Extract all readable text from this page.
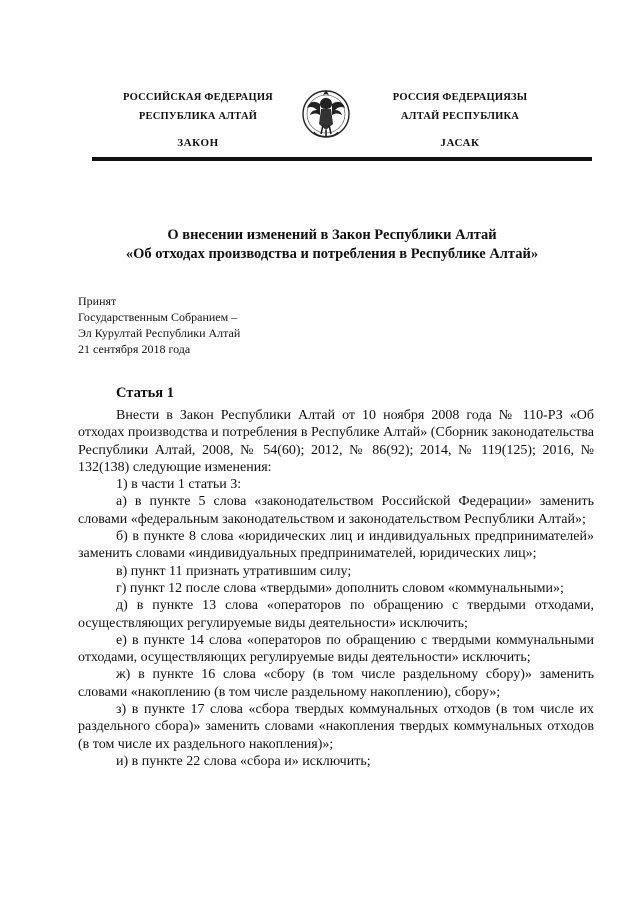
РОССИЙСКАЯ ФЕДЕРАЦИЯ
РЕСПУБЛИКА АЛТАЙ
ЗАКОН
РОССИЯ ФЕДЕРАЦИЯЗЫ
АЛТАЙ РЕСПУБЛИКА
JАСАК
О внесении изменений в Закон Республики Алтай
«Об отходах производства и потребления в Республике Алтай»
Принят
Государственным Собранием –
Эл Курултай Республики Алтай
21 сентября 2018 года
Статья 1

Внести в Закон Республики Алтай от 10 ноября 2008 года № 110-РЗ «Об отходах производства и потребления в Республике Алтай» (Сборник законодательства Республики Алтай, 2008, № 54(60); 2012, № 86(92); 2014, № 119(125); 2016, № 132(138) следующие изменения:

1) в части 1 статьи 3:

а) в пункте 5 слова «законодательством Российской Федерации» заменить словами «федеральным законодательством и законодательством Республики Алтай»;

б) в пункте 8 слова «юридических лиц и индивидуальных предпринимателей» заменить словами «индивидуальных предпринимателей, юридических лиц»;

в) пункт 11 признать утратившим силу;

г) пункт 12 после слова «твердыми» дополнить словом «коммунальными»;

д) в пункте 13 слова «операторов по обращению с твердыми отходами, осуществляющих регулируемые виды деятельности» исключить;

е) в пункте 14 слова «операторов по обращению с твердыми коммунальными отходами, осуществляющих регулируемые виды деятельности» исключить;

ж) в пункте 16 слова «сбору (в том числе раздельному сбору)» заменить словами «накоплению (в том числе раздельному накоплению), сбору»;

з) в пункте 17 слова «сбора твердых коммунальных отходов (в том числе их раздельного сбора)» заменить словами «накопления твердых коммунальных отходов (в том числе их раздельного накопления)»;

и) в пункте 22 слова «сбора и» исключить;
